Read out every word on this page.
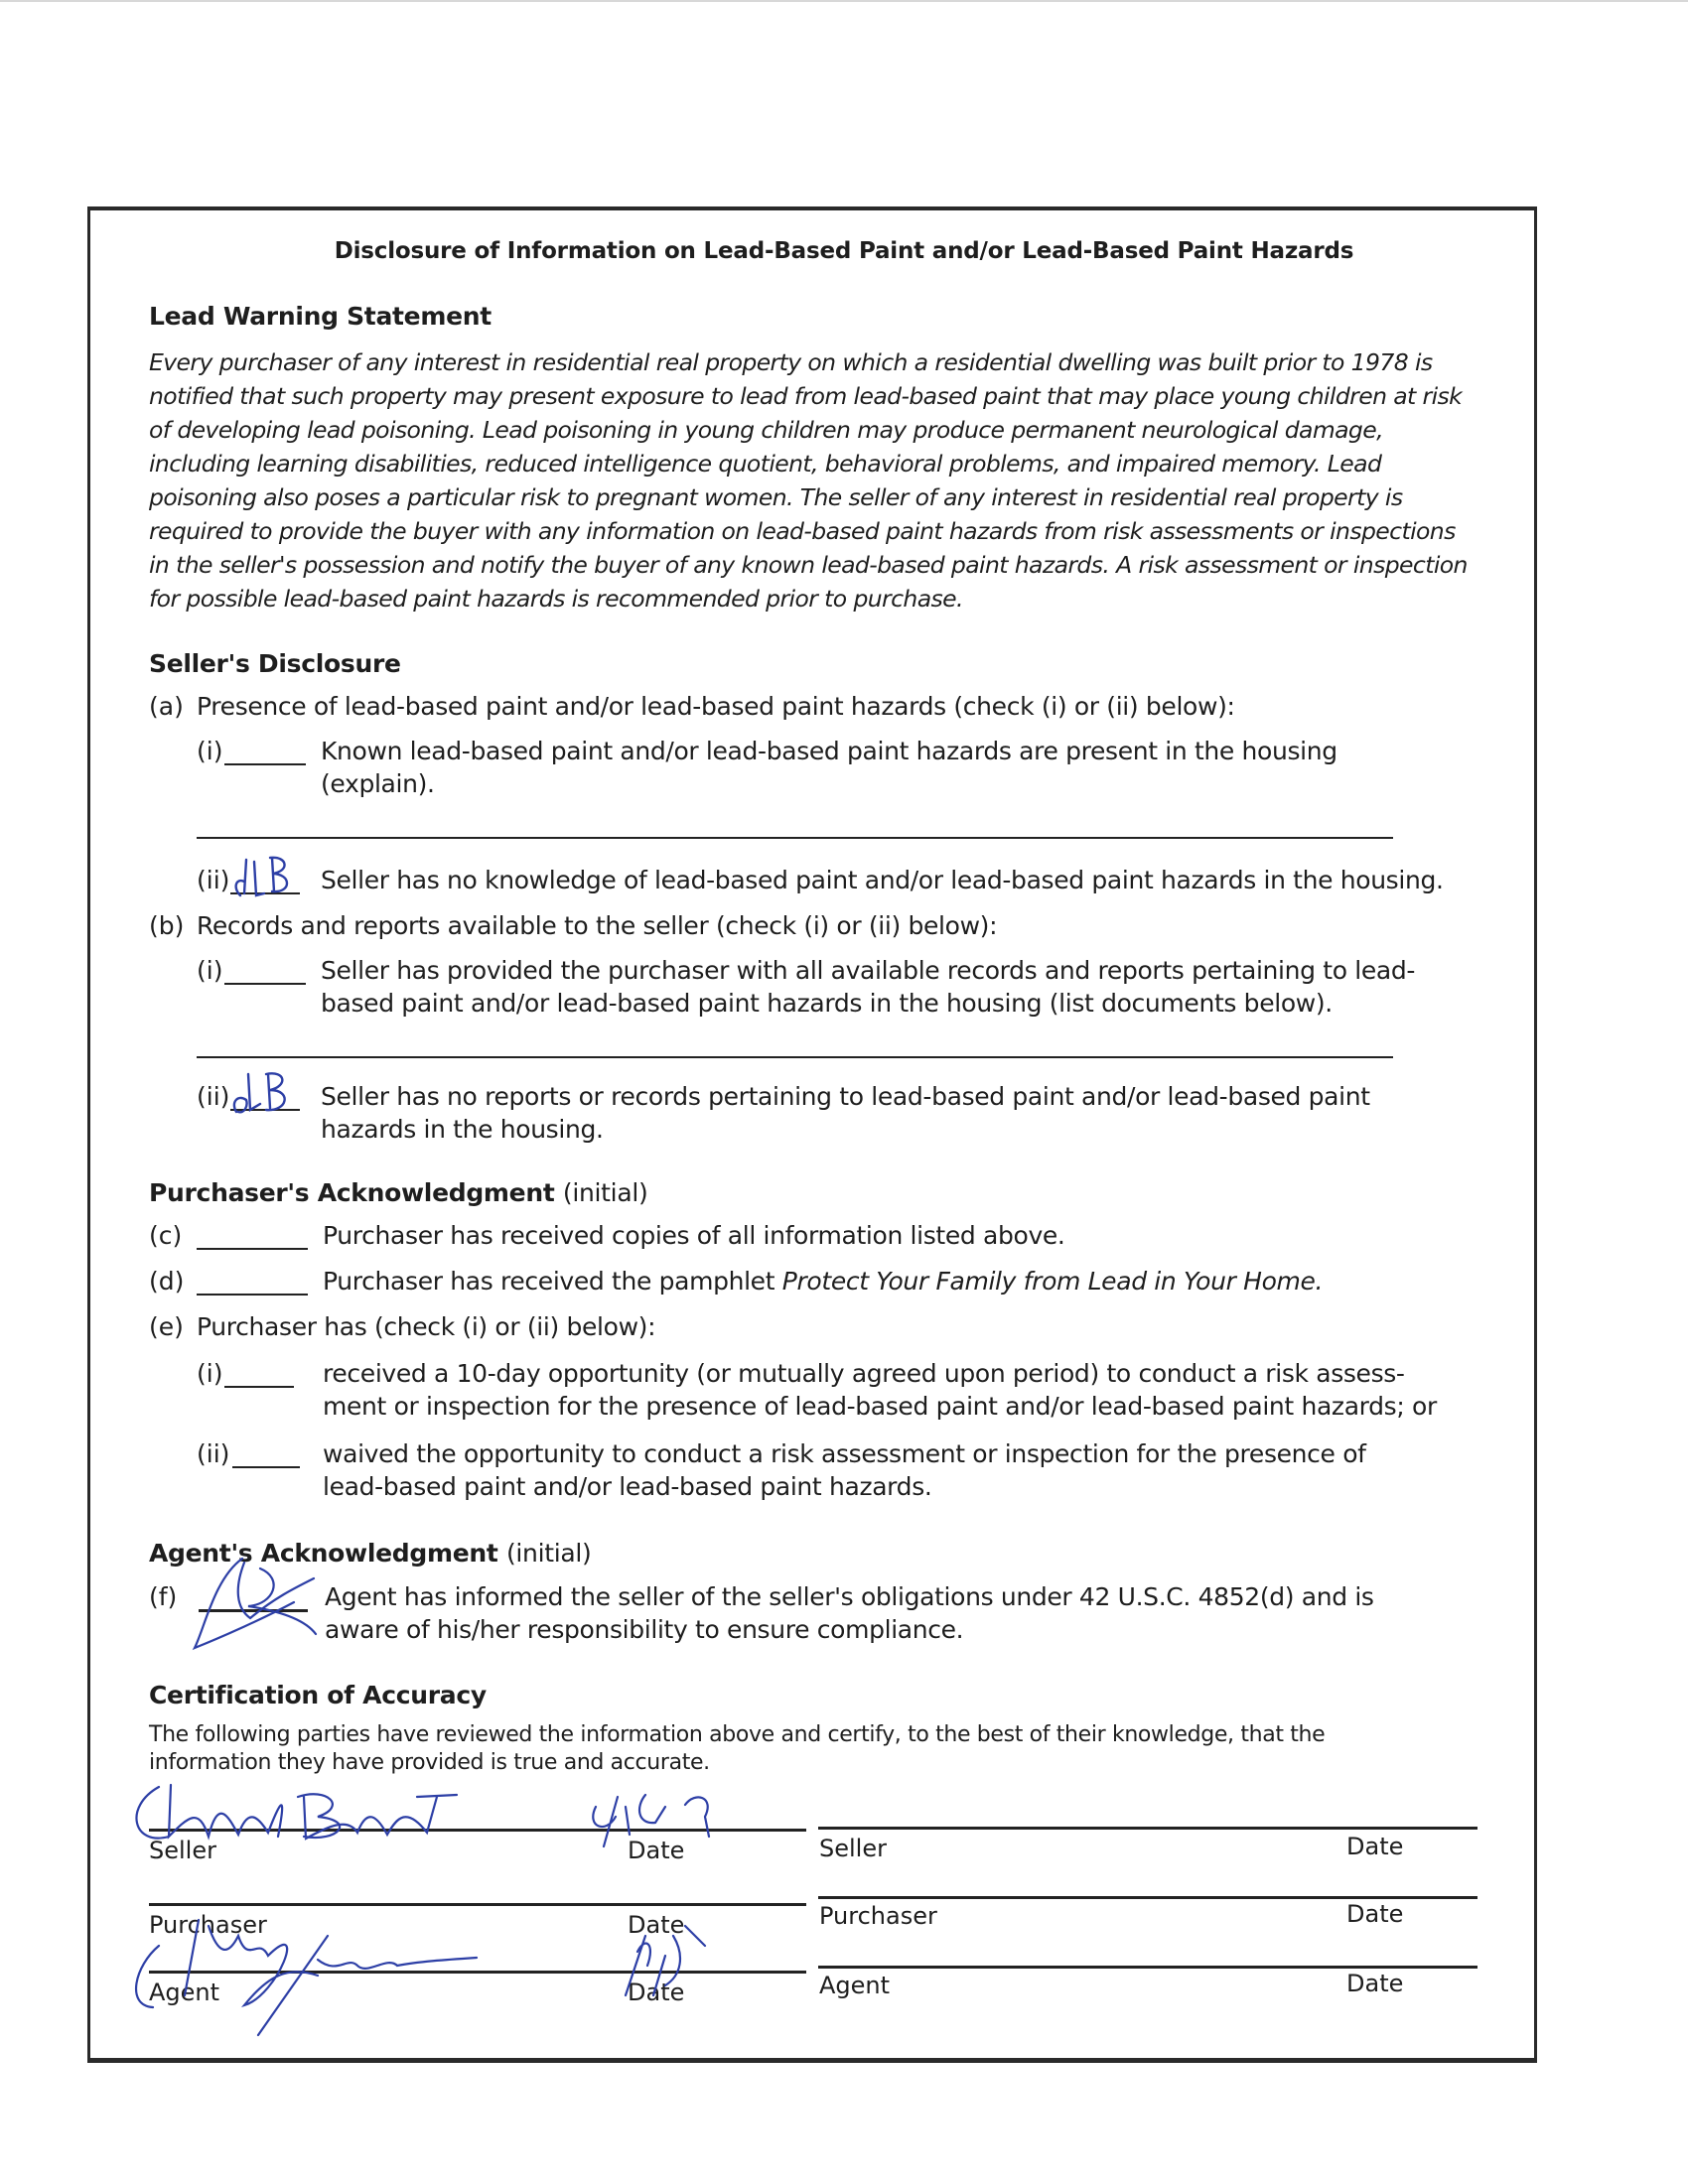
Disclosure of Information on Lead-Based Paint and/or Lead-Based Paint Hazards
Lead Warning Statement
Every purchaser of any interest in residential real property on which a residential dwelling was built prior to 1978 is notified that such property may present exposure to lead from lead-based paint that may place young children at risk of developing lead poisoning. Lead poisoning in young children may produce permanent neurological damage, including learning disabilities, reduced intelligence quotient, behavioral problems, and impaired memory. Lead poisoning also poses a particular risk to pregnant women. The seller of any interest in residential real property is required to provide the buyer with any information on lead-based paint hazards from risk assessments or inspections in the seller's possession and notify the buyer of any known lead-based paint hazards. A risk assessment or inspection for possible lead-based paint hazards is recommended prior to purchase.
Seller's Disclosure
(a) Presence of lead-based paint and/or lead-based paint hazards (check (i) or (ii) below):
(i)	Known lead-based paint and/or lead-based paint hazards are present in the housing
(explain).
(ii)	Seller has no knowledge of lead-based paint and/or lead-based paint hazards in the housing.
(b) Records and reports available to the seller (check (i) or (ii) below):
(i)	Seller has provided the purchaser with all available records and reports pertaining to lead-
based paint and/or lead-based paint hazards in the housing (list documents below).
(ii)	Seller has no reports or records pertaining to lead-based paint and/or lead-based paint
hazards in the housing.
Purchaser's Acknowledgment (initial)
(c)	Purchaser has received copies of all information listed above.
(d)	Purchaser has received the pamphlet Protect Your Family from Lead in Your Home.
(e) Purchaser has (check (i) or (ii) below):
(i)	received a 10-day opportunity (or mutually agreed upon period) to conduct a risk assess-
ment or inspection for the presence of lead-based paint and/or lead-based paint hazards; or
(ii)	waived the opportunity to conduct a risk assessment or inspection for the presence of
lead-based paint and/or lead-based paint hazards.
Agent's Acknowledgment (initial)
(f)	Agent has informed the seller of the seller's obligations under 42 U.S.C. 4852(d) and is
aware of his/her responsibility to ensure compliance.
Certification of Accuracy
The following parties have reviewed the information above and certify, to the best of their knowledge, that the
information they have provided is true and accurate.
Seller	Date
Purchaser	Date
Agent	Date
Seller	Date
Purchaser	Date
Agent	Date
